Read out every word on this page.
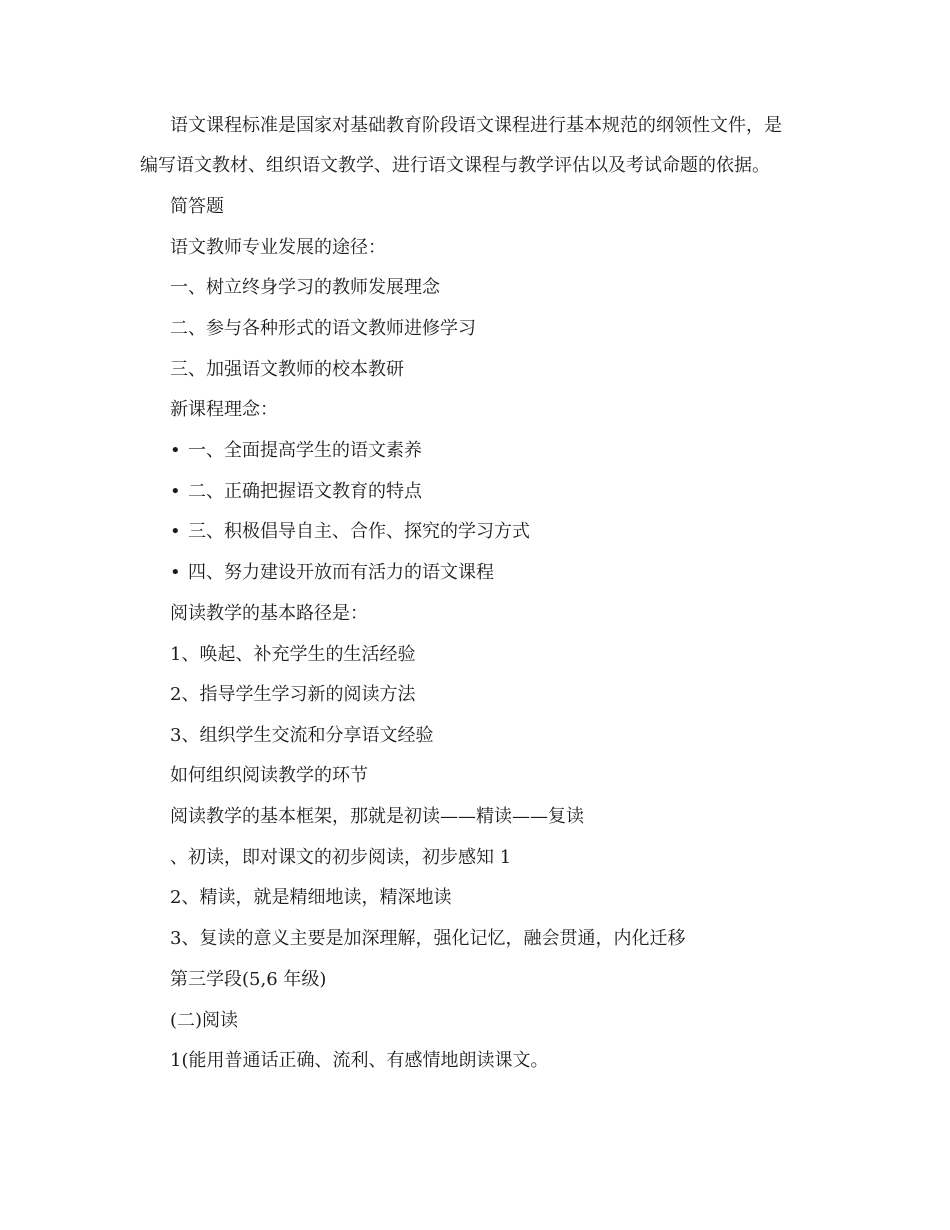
语文课程标准是国家对基础教育阶段语文课程进行基本规范的纲领性文件，是
编写语文教材、组织语文教学、进行语文课程与教学评估以及考试命题的依据。
简答题
语文教师专业发展的途径：
一、树立终身学习的教师发展理念
二、参与各种形式的语文教师进修学习
三、加强语文教师的校本教研
新课程理念：
• 一、全面提高学生的语文素养
• 二、正确把握语文教育的特点
• 三、积极倡导自主、合作、探究的学习方式
• 四、努力建设开放而有活力的语文课程
阅读教学的基本路径是：
1、唤起、补充学生的生活经验
2、指导学生学习新的阅读方法
3、组织学生交流和分享语文经验
如何组织阅读教学的环节
阅读教学的基本框架，那就是初读——精读——复读
、初读，即对课文的初步阅读，初步感知 1
2、精读，就是精细地读，精深地读
3、复读的意义主要是加深理解，强化记忆，融会贯通，内化迁移
第三学段(5,6 年级)
(二)阅读
1(能用普通话正确、流利、有感情地朗读课文。
